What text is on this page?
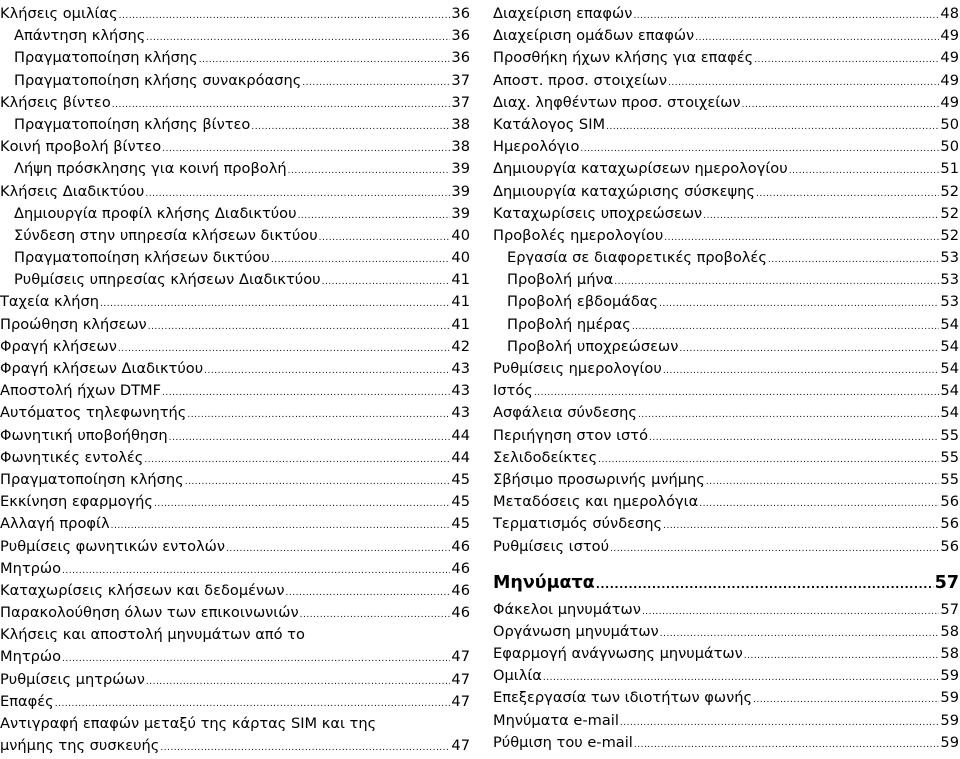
Κλήσεις ομιλίας .....	36
Απάντηση κλήσης .....	36
Πραγματοποίηση κλήσης .....	36
Πραγματοποίηση κλήσης συνακρόασης .....	37
Κλήσεις βίντεο .....	37
Πραγματοποίηση κλήσης βίντεο .....	38
Κοινή προβολή βίντεο .....	38
Λήψη πρόσκλησης για κοινή προβολή .....	39
Κλήσεις Διαδικτύου .....	39
Δημιουργία προφίλ κλήσης Διαδικτύου .....	39
Σύνδεση στην υπηρεσία κλήσεων δικτύου .....	40
Πραγματοποίηση κλήσεων δικτύου .....	40
Ρυθμίσεις υπηρεσίας κλήσεων Διαδικτύου .....	41
Ταχεία κλήση .....	41
Προώθηση κλήσεων .....	41
Φραγή κλήσεων .....	42
Φραγή κλήσεων Διαδικτύου .....	43
Αποστολή ήχων DTMF .....	43
Αυτόματος τηλεφωνητής .....	43
Φωνητική υποβοήθηση .....	44
Φωνητικές εντολές .....	44
Πραγματοποίηση κλήσης .....	45
Εκκίνηση εφαρμογής .....	45
Αλλαγή προφίλ .....	45
Ρυθμίσεις φωνητικών εντολών .....	46
Μητρώο .....	46
Καταχωρίσεις κλήσεων και δεδομένων .....	46
Παρακολούθηση όλων των επικοινωνιών .....	46
Κλήσεις και αποστολή μηνυμάτων από το
Μητρώο .....	47
Ρυθμίσεις μητρώων .....	47
Επαφές .....	47
Αντιγραφή επαφών μεταξύ της κάρτας SIM και της
μνήμης της συσκευής .....	47
Διαχείριση επαφών .....	48
Διαχείριση ομάδων επαφών .....	49
Προσθήκη ήχων κλήσης για επαφές .....	49
Αποστ. προσ. στοιχείων .....	49
Διαχ. ληφθέντων προσ. στοιχείων .....	49
Κατάλογος SIM .....	50
Ημερολόγιο .....	50
Δημιουργία καταχωρίσεων ημερολογίου .....	51
Δημιουργία καταχώρισης σύσκεψης .....	52
Καταχωρίσεις υποχρεώσεων .....	52
Προβολές ημερολογίου .....	52
Εργασία σε διαφορετικές προβολές .....	53
Προβολή μήνα .....	53
Προβολή εβδομάδας .....	53
Προβολή ημέρας .....	54
Προβολή υποχρεώσεων .....	54
Ρυθμίσεις ημερολογίου .....	54
Ιστός .....	54
Ασφάλεια σύνδεσης .....	54
Περιήγηση στον ιστό .....	55
Σελιδοδείκτες .....	55
Σβήσιμο προσωρινής μνήμης .....	55
Μεταδόσεις και ημερολόγια .....	56
Τερματισμός σύνδεσης .....	56
Ρυθμίσεις ιστού .....	56
Μηνύματα .....	57
Φάκελοι μηνυμάτων .....	57
Οργάνωση μηνυμάτων .....	58
Εφαρμογή ανάγνωσης μηνυμάτων .....	58
Ομιλία .....	59
Επεξεργασία των ιδιοτήτων φωνής .....	59
Μηνύματα e-mail .....	59
Ρύθμιση του e-mail .....	59
